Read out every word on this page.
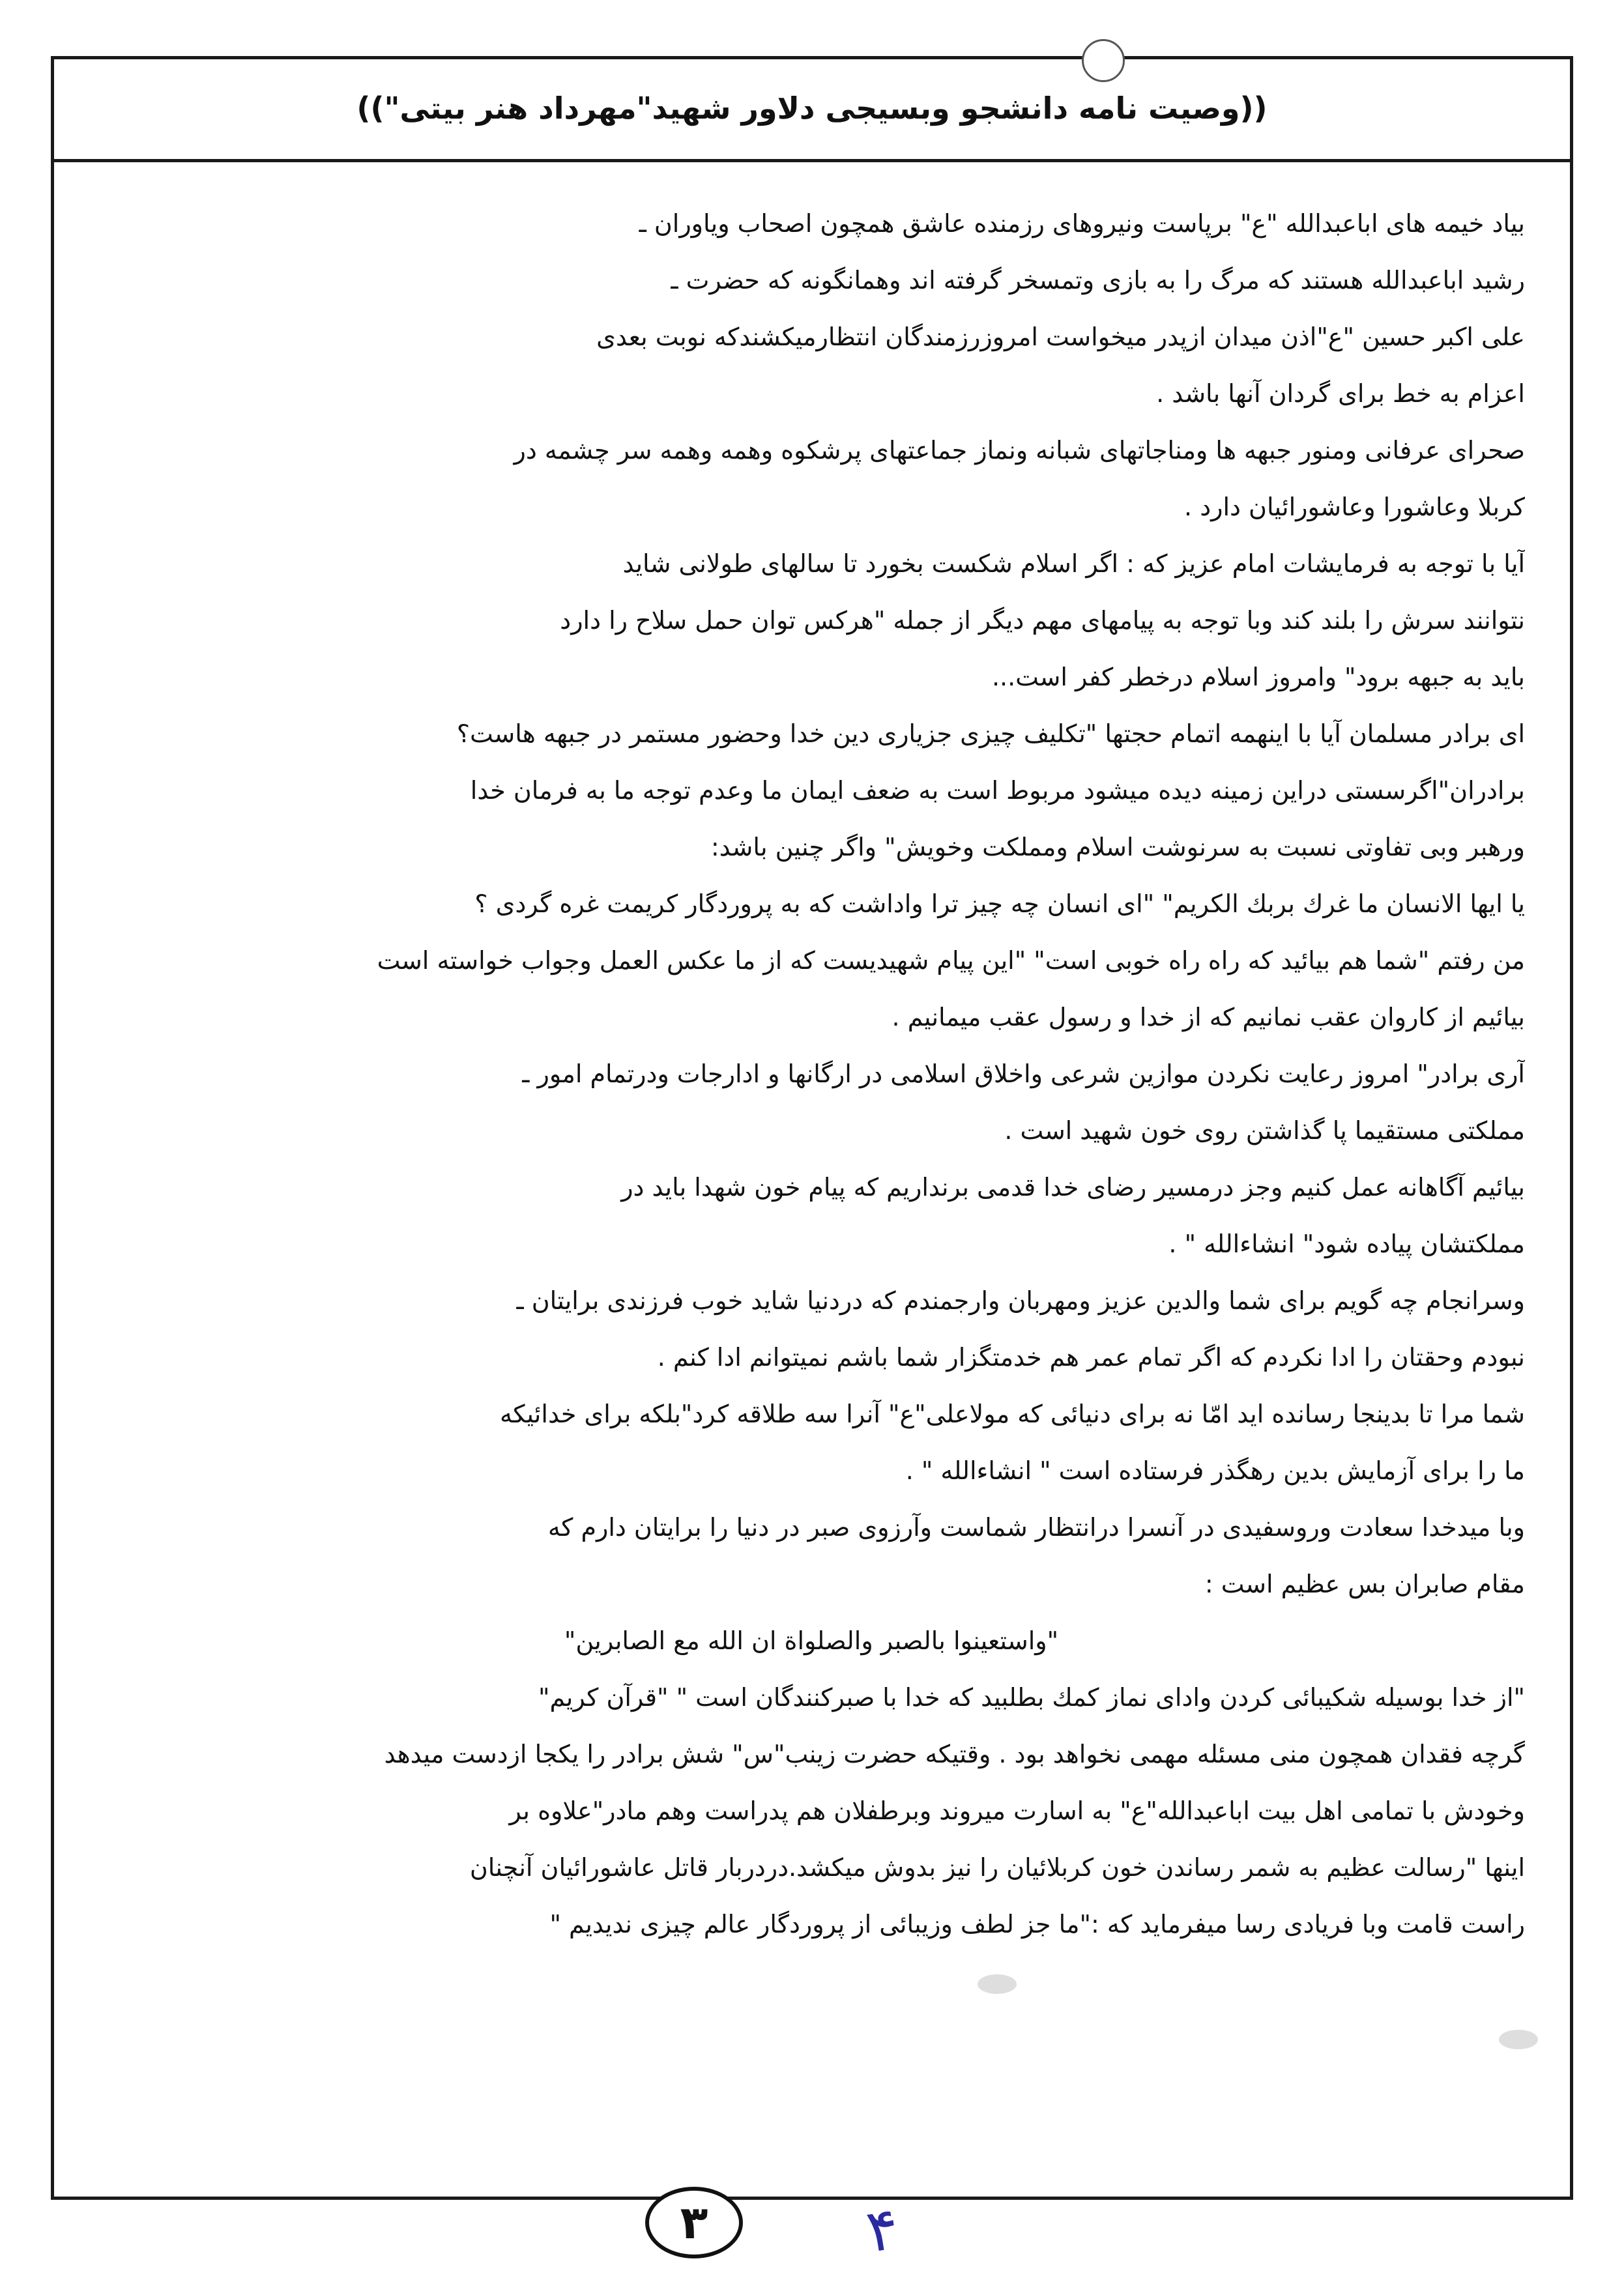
((وصیت نامه دانشجو وبسیجی دلاور شهید"مهرداد هنر بیتی"))
بیاد خیمه های اباعبدالله "ع" برپاست ونیروهای رزمنده عاشق همچون اصحاب ویاوران ـ
رشید اباعبدالله هستند که مرگ را به بازی وتمسخر گرفته اند وهمانگونه که حضرت ـ
علی اکبر حسین "ع"اذن میدان ازپدر میخواست امروزرزمندگان انتظارمیکشندکه نوبت بعدی
اعزام به خط برای گردان آنها باشد .
صحرای عرفانی ومنور جبهه ها ومناجاتهای شبانه ونماز جماعتهای پرشکوه وهمه وهمه سر چشمه در
کربلا وعاشورا وعاشورائیان دارد .
آیا با توجه به فرمایشات امام عزیز که : اگر اسلام شکست بخورد تا سالهای طولانی شاید
نتوانند سرش را بلند کند وبا توجه به پیامهای مهم دیگر از جمله "هرکس توان حمل سلاح را دارد
باید به جبهه برود" وامروز اسلام درخطر کفر است...
ای برادر مسلمان آیا با اینهمه اتمام حجتها "تکلیف چیزی جزیاری دین خدا وحضور مستمر در جبهه هاست؟
برادران"اگرسستی دراین زمینه دیده میشود مربوط است به ضعف ایمان ما وعدم توجه ما به فرمان خدا
ورهبر وبی تفاوتی نسبت به سرنوشت اسلام ومملکت وخویش" واگر چنین باشد:
یا ایها الانسان ما غرك بربك الكريم" "ای انسان چه چیز ترا واداشت که به پروردگار کریمت غره گردی ؟
من رفتم "شما هم بیائید که راه راه خوبی است" "این پیام شهیدیست که از ما عکس العمل وجواب خواسته است
بیائیم از کاروان عقب نمانیم که از خدا و رسول عقب میمانیم .
آری برادر" امروز رعایت نکردن موازین شرعی واخلاق اسلامی در ارگانها و ادارجات ودرتمام امور ـ
مملکتی مستقیما پا گذاشتن روی خون شهید است .
بیائیم آگاهانه عمل کنیم وجز درمسیر رضای خدا قدمی برنداریم که پیام خون شهدا باید در
مملکتشان پیاده شود" انشاءالله " .
وسرانجام چه گویم برای شما والدین عزیز ومهربان وارجمندم که دردنیا شاید خوب فرزندی برایتان ـ
نبودم وحقتان را ادا نکردم که اگر تمام عمر هم خدمتگزار شما باشم نمیتوانم ادا کنم .
شما مرا تا بدینجا رسانده اید امّا نه برای دنیائی که مولاعلی"ع" آنرا سه طلاقه کرد"بلکه برای خدائیکه
ما را برای آزمایش بدین رهگذر فرستاده است " انشاءالله " .
وبا میدخدا سعادت وروسفیدی در آنسرا درانتظار شماست وآرزوی صبر در دنیا را برایتان دارم که
مقام صابران بس عظیم است :
"واستعینوا بالصبر والصلواة ان الله مع الصابرین"
"از خدا بوسیله شکیبائی کردن وادای نماز کمك بطلبید که خدا با صبرکنندگان است " "قرآن کریم"
گرچه فقدان همچون منی مسئله مهمی نخواهد بود . وقتیکه حضرت زینب"س" شش برادر را یکجا ازدست میدهد
وخودش با تمامی اهل بیت اباعبدالله"ع" به اسارت میروند وبرطفلان هم پدراست وهم مادر"علاوه بر
اینها "رسالت عظیم به شمر رساندن خون کربلائیان را نیز بدوش میکشد.دردربار قاتل عاشورائیان آنچنان
راست قامت وبا فریادی رسا میفرماید که :"ما جز لطف وزیبائی از پروردگار عالم چیزی ندیدیم "
۳	۴
